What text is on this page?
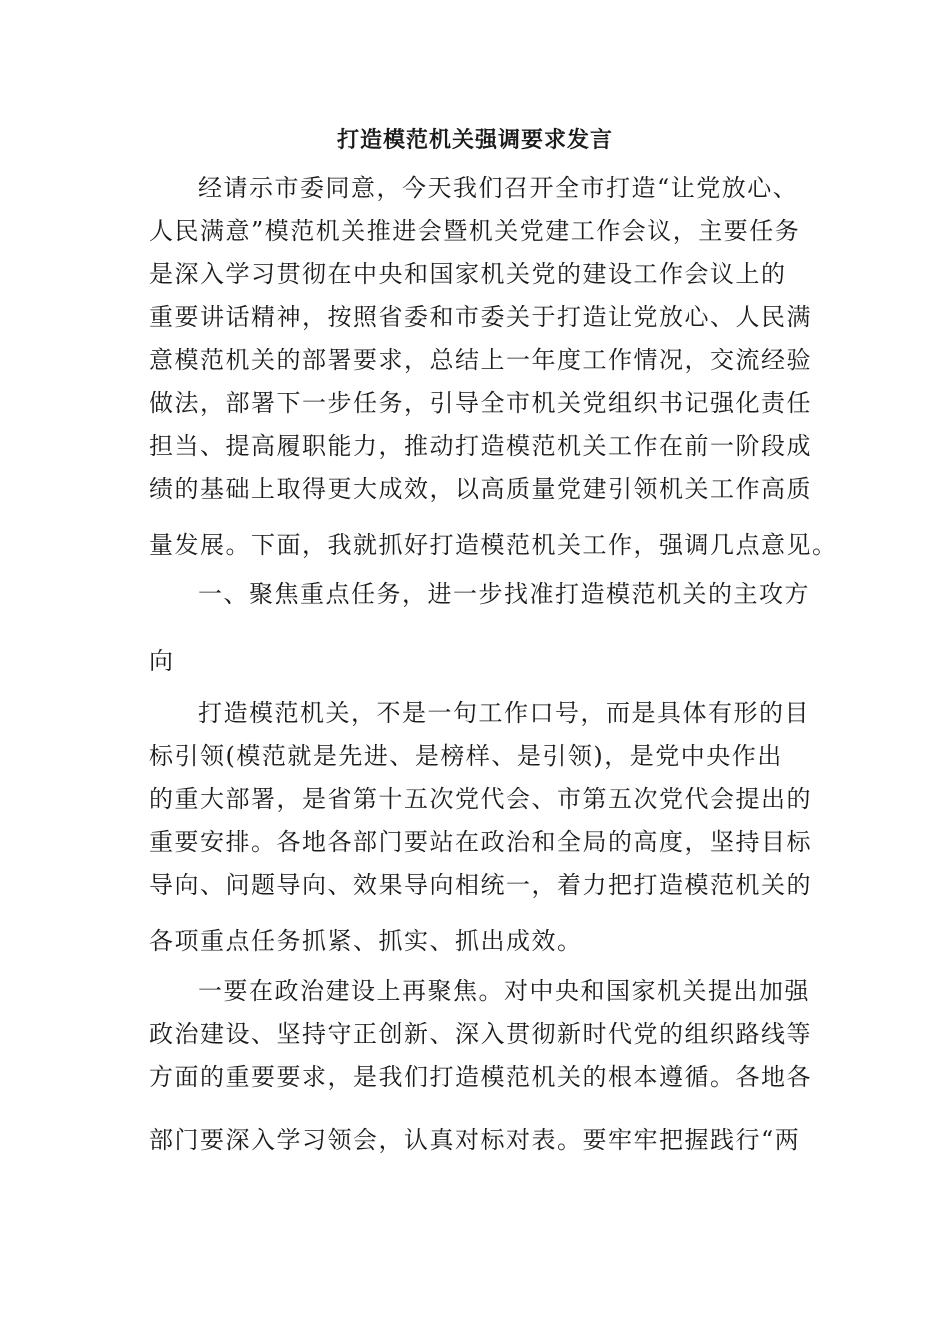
打造模范机关强调要求发言
经请示市委同意，今天我们召开全市打造“让党放心、
人民满意”模范机关推进会暨机关党建工作会议，主要任务
是深入学习贯彻在中央和国家机关党的建设工作会议上的
重要讲话精神，按照省委和市委关于打造让党放心、人民满
意模范机关的部署要求，总结上一年度工作情况，交流经验
做法，部署下一步任务，引导全市机关党组织书记强化责任
担当、提高履职能力，推动打造模范机关工作在前一阶段成
绩的基础上取得更大成效，以高质量党建引领机关工作高质
量发展。下面，我就抓好打造模范机关工作，强调几点意见。
一、聚焦重点任务，进一步找准打造模范机关的主攻方
向
打造模范机关，不是一句工作口号，而是具体有形的目
标引领(模范就是先进、是榜样、是引领)，是党中央作出
的重大部署，是省第十五次党代会、市第五次党代会提出的
重要安排。各地各部门要站在政治和全局的高度，坚持目标
导向、问题导向、效果导向相统一，着力把打造模范机关的
各项重点任务抓紧、抓实、抓出成效。
一要在政治建设上再聚焦。对中央和国家机关提出加强
政治建设、坚持守正创新、深入贯彻新时代党的组织路线等
方面的重要要求，是我们打造模范机关的根本遵循。各地各
部门要深入学习领会，认真对标对表。要牢牢把握践行“两
